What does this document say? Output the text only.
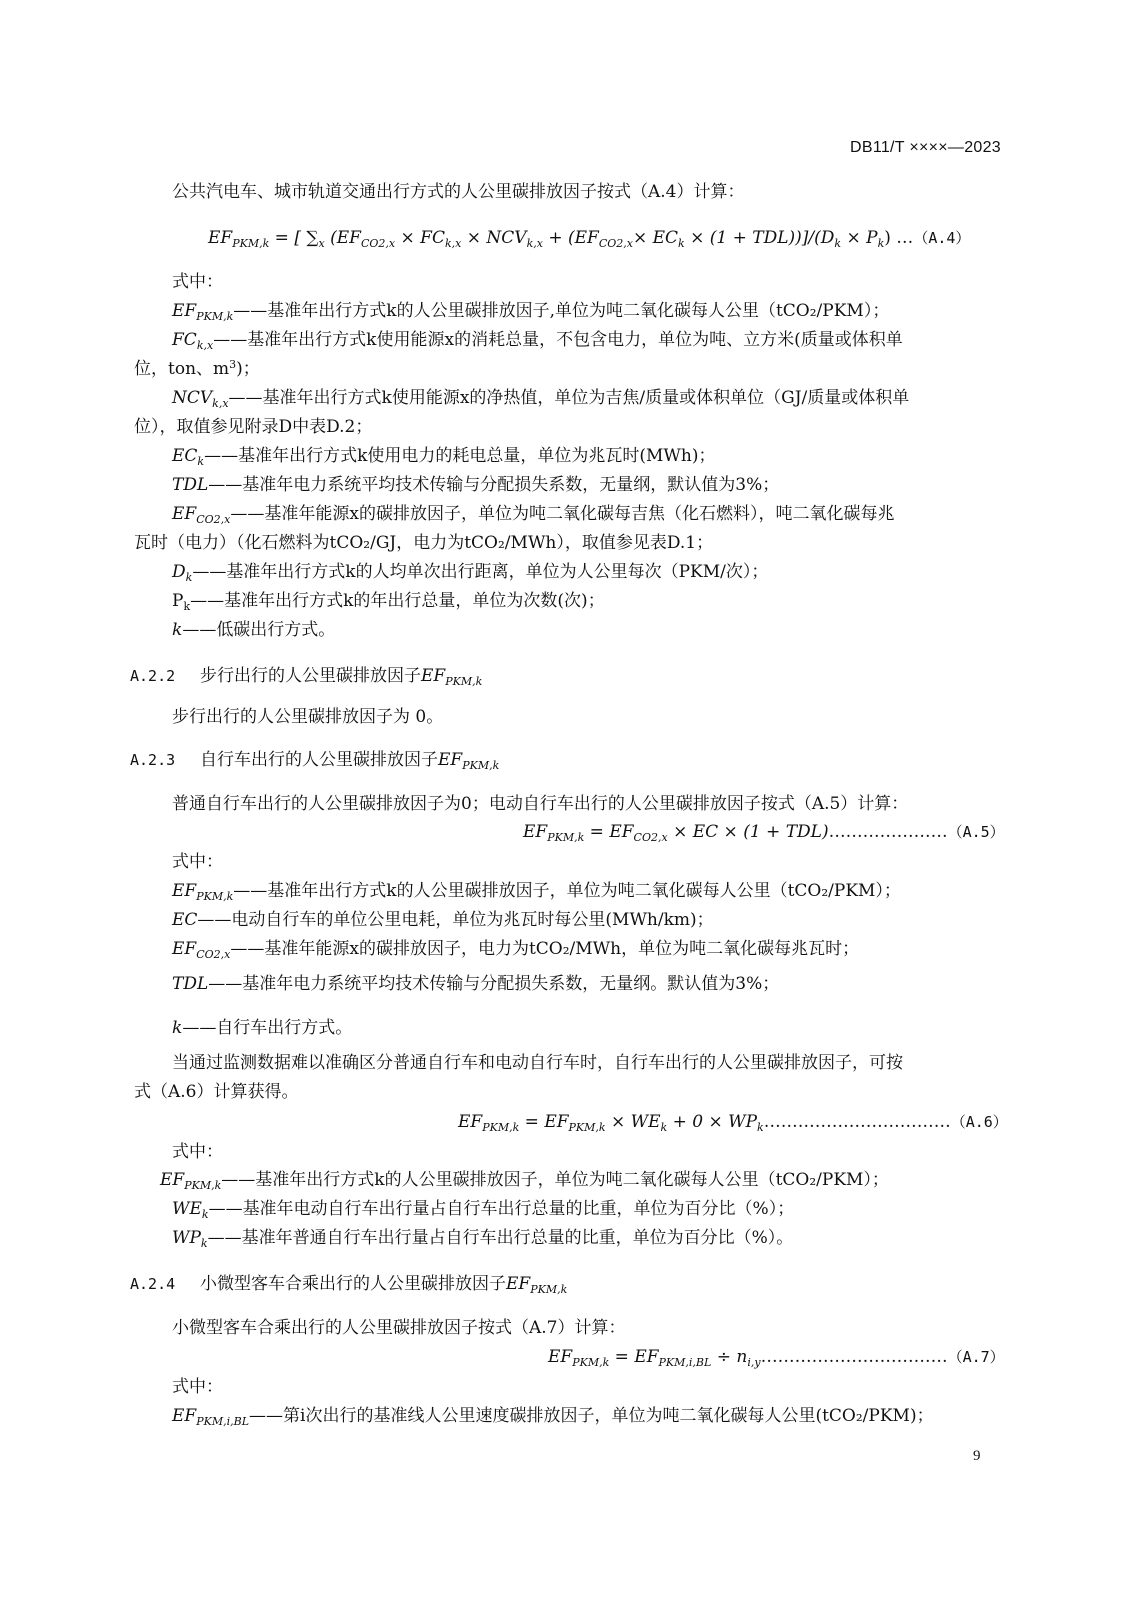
DB11/T ××××—2023
公共汽电车、城市轨道交通出行方式的人公里碳排放因子按式（A.4）计算：
$EF_{PKM,k}$ = [ $\sum_x$ $(EF_{CO2,x} \times FC_{k,x} \times NCV_{k,x} + (EF_{CO2,x}\times EC_k \times (1 + TDL))]/(D_k \times P_k)$ …（A.4）
式中：
$EF_{PKM,k}——$基准年出行方式k的人公里碳排放因子,单位为吨二氧化碳每人公里（tCO₂/PKM）；
$FC_{k,x}——$基准年出行方式k使用能源x的消耗总量，不包含电力，单位为吨、立方米(质量或体积单
位，ton、$m^3$)；
$NCV_{k,x}——$基准年出行方式k使用能源x的净热值，单位为吉焦/质量或体积单位（GJ/质量或体积单
位），取值参见附录D中表D.2；
$EC_k——$基准年出行方式k使用电力的耗电总量，单位为兆瓦时(MWh)；
TDL——基准年电力系统平均技术传输与分配损失系数，无量纲，默认值为3%；
$EF_{CO2,x}——$基准年能源x的碳排放因子，单位为吨二氧化碳每吉焦（化石燃料），吨二氧化碳每兆
瓦时（电力）（化石燃料为tCO₂/GJ，电力为tCO₂/MWh），取值参见表D.1；
$D_k——$基准年出行方式k的人均单次出行距离，单位为人公里每次（PKM/次）；
$P_k——$基准年出行方式k的年出行总量，单位为次数(次)；
k——低碳出行方式。
A.2.2 步行出行的人公里碳排放因子$EF_{PKM,k}$
步行出行的人公里碳排放因子为 0。
A.2.3 自行车出行的人公里碳排放因子$EF_{PKM,k}$
普通自行车出行的人公里碳排放因子为0；电动自行车出行的人公里碳排放因子按式（A.5）计算：
$EF_{PKM,k} = EF_{CO2,x}$ × EC × (1 + TDL)…………………（A.5）
式中：
$EF_{PKM,k}——$基准年出行方式k的人公里碳排放因子，单位为吨二氧化碳每人公里（tCO₂/PKM）；
EC——电动自行车的单位公里电耗，单位为兆瓦时每公里(MWh/km)；
$EF_{CO2,x}——$基准年能源x的碳排放因子，电力为tCO₂/MWh，单位为吨二氧化碳每兆瓦时；
TDL——基准年电力系统平均技术传输与分配损失系数，无量纲。默认值为3%；
k——自行车出行方式。
当通过监测数据难以准确区分普通自行车和电动自行车时，自行车出行的人公里碳排放因子，可按
式（A.6）计算获得。
$EF_{PKM,k} = EF_{PKM,k} \times WE_k + 0$ × $WP_k\dots\dots\dots\dots\dots\dots\dots\dots\dots\dots\dots(A.6)$
式中：
$EF_{PKM,k}——$基准年出行方式k的人公里碳排放因子，单位为吨二氧化碳每人公里（tCO₂/PKM）；
$WE_k——$基准年电动自行车出行量占自行车出行总量的比重，单位为百分比（%）；
$WP_k——$基准年普通自行车出行量占自行车出行总量的比重，单位为百分比（%）。
A.2.4 小微型客车合乘出行的人公里碳排放因子$EF_{PKM,k}$
小微型客车合乘出行的人公里碳排放因子按式（A.7）计算：
$EF_{PKM,k} = EF_{PKM,i,BL}$ ÷ $n_{i,y}\dots\dots\dots\dots\dots\dots\dots\dots\dots\dots\dots(A.7)$
式中：
$EF_{PKM,i,BL}——$第i次出行的基准线人公里速度碳排放因子，单位为吨二氧化碳每人公里(tCO₂/PKM)；
9
